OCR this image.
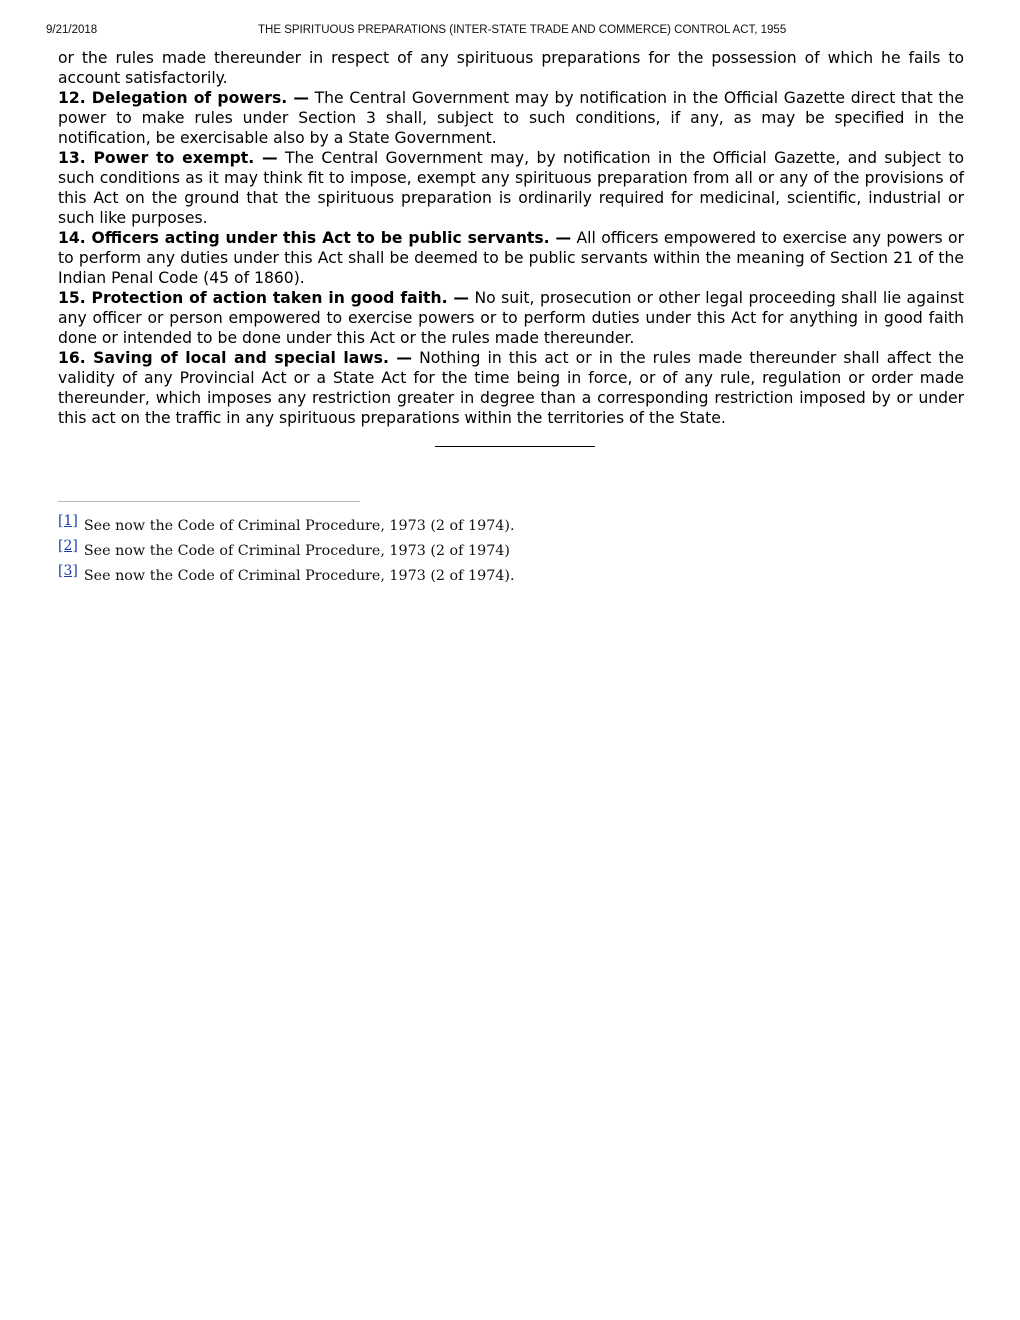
9/21/2018	THE SPIRITUOUS PREPARATIONS (INTER-STATE TRADE AND COMMERCE) CONTROL ACT, 1955

or the rules made thereunder in respect of any spirituous preparations for the possession of which he fails to account satisfactorily.

12. Delegation of powers. — The Central Government may by notification in the Official Gazette direct that the power to make rules under Section 3 shall, subject to such conditions, if any, as may be specified in the notification, be exercisable also by a State Government.

13. Power to exempt. — The Central Government may, by notification in the Official Gazette, and subject to such conditions as it may think fit to impose, exempt any spirituous preparation from all or any of the provisions of this Act on the ground that the spirituous preparation is ordinarily required for medicinal, scientific, industrial or such like purposes.

14. Officers acting under this Act to be public servants. — All officers empowered to exercise any powers or to perform any duties under this Act shall be deemed to be public servants within the meaning of Section 21 of the Indian Penal Code (45 of 1860).

15. Protection of action taken in good faith. — No suit, prosecution or other legal proceeding shall lie against any officer or person empowered to exercise powers or to perform duties under this Act for anything in good faith done or intended to be done under this Act or the rules made thereunder.

16. Saving of local and special laws. — Nothing in this act or in the rules made thereunder shall affect the validity of any Provincial Act or a State Act for the time being in force, or of any rule, regulation or order made thereunder, which imposes any restriction greater in degree than a corresponding restriction imposed by or under this act on the traffic in any spirituous preparations within the territories of the State.

[1] See now the Code of Criminal Procedure, 1973 (2 of 1974).
[2] See now the Code of Criminal Procedure, 1973 (2 of 1974)
[3] See now the Code of Criminal Procedure, 1973 (2 of 1974).
